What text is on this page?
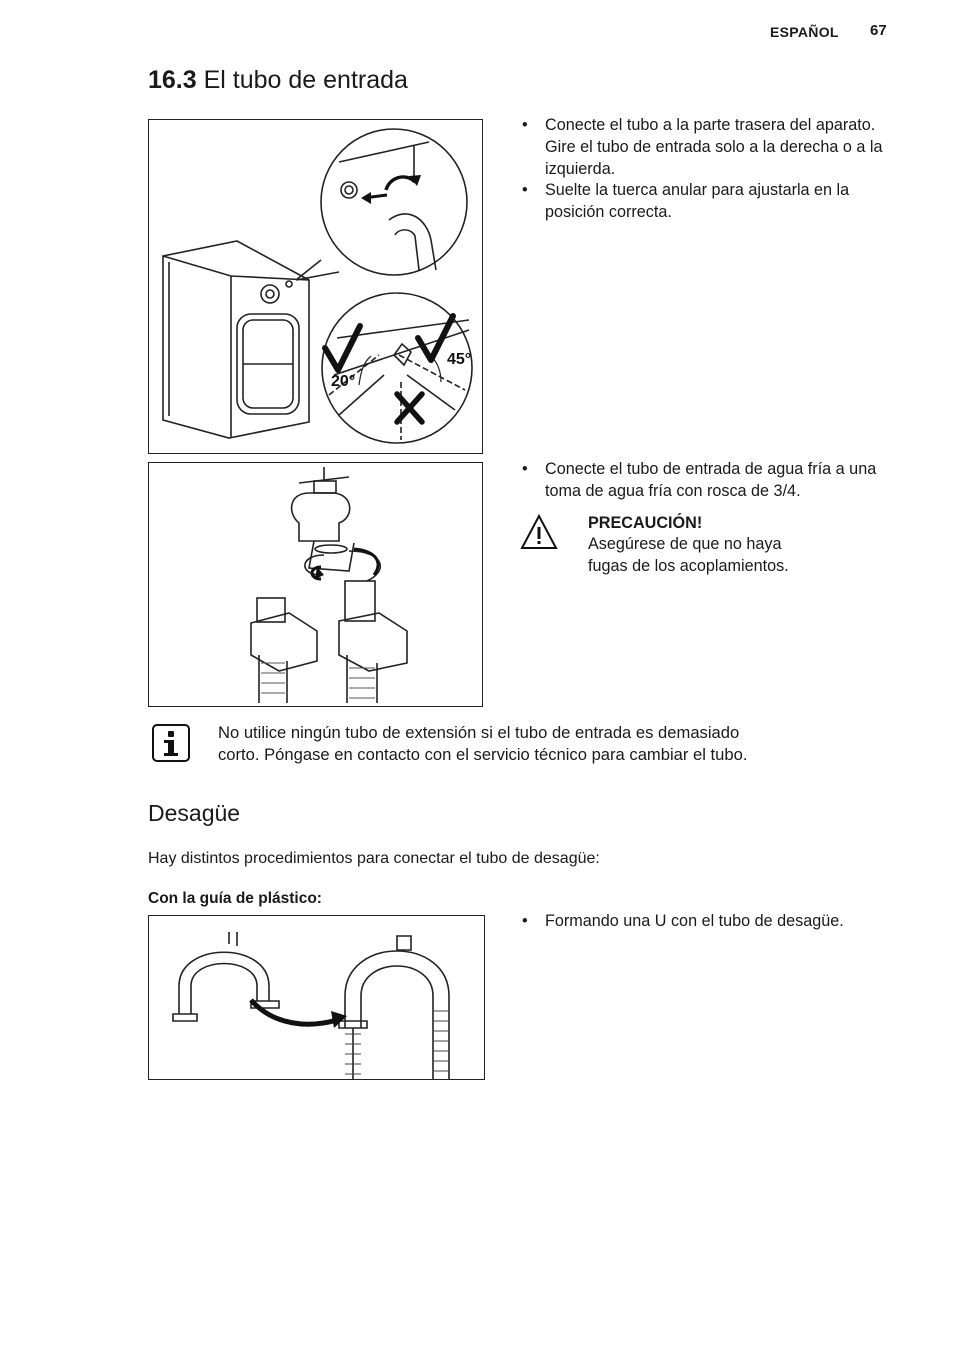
ESPAÑOL 67
16.3 El tubo de entrada
20°
45°
• Conecte el tubo a la parte trasera del aparato. Gire el tubo de entrada solo a la derecha o a la izquierda.
• Suelte la tuerca anular para ajustarla en la posición correcta.
• Conecte el tubo de entrada de agua fría a una toma de agua fría con rosca de 3/4.
PRECAUCIÓN!
Asegúrese de que no haya
fugas de los acoplamientos.
No utilice ningún tubo de extensión si el tubo de entrada es demasiado
corto. Póngase en contacto con el servicio técnico para cambiar el tubo.
Desagüe
Hay distintos procedimientos para conectar el tubo de desagüe:
Con la guía de plástico:
• Formando una U con el tubo de desagüe.
